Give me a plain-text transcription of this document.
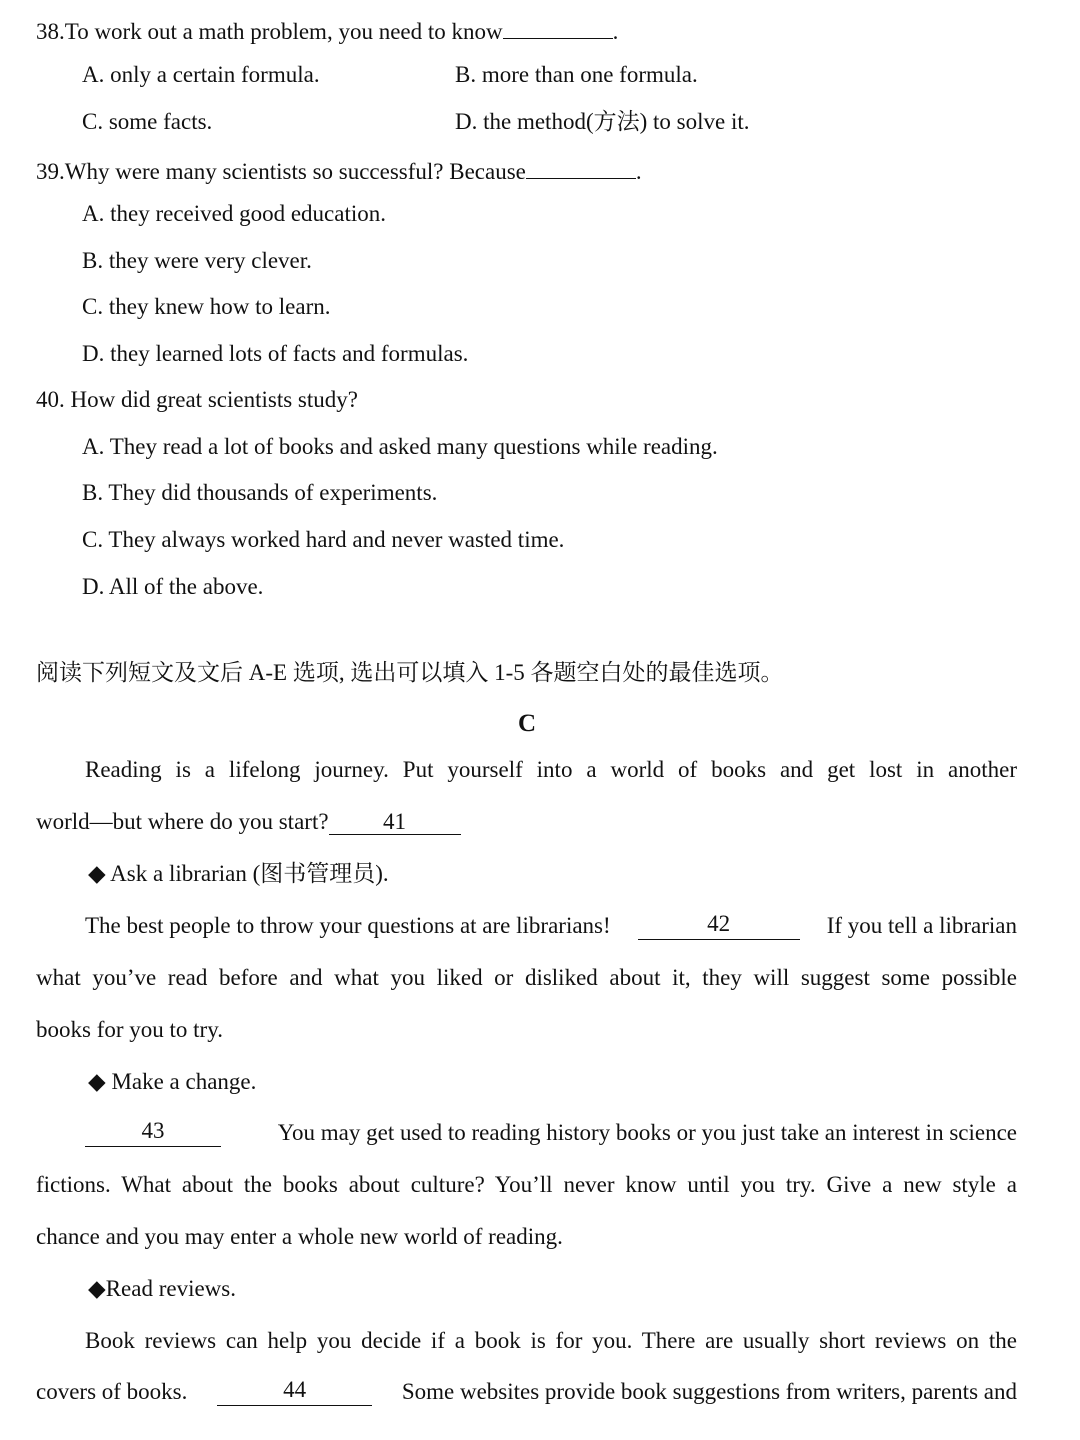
38.To work out a math problem, you need to know	.
A. only a certain formula.	B. more than one formula.
C. some facts.	D. the method(方法) to solve it.
39.Why were many scientists so successful? Because	.
A. they received good education.
B. they were very clever.
C. they knew how to learn.
D. they learned lots of facts and formulas.
40. How did great scientists study?
A. They read a lot of books and asked many questions while reading.
B. They did thousands of experiments.
C. They always worked hard and never wasted time.
D. All of the above.
阅读下列短文及文后 A-E 选项, 选出可以填入 1-5 各题空白处的最佳选项。
C
Reading is a lifelong journey. Put yourself into a world of books and get lost in another
world—but where do you start? 41
◆ Ask a librarian (图书管理员).
The best people to throw your questions at are librarians!	42	If you tell a librarian
what you’ve read before and what you liked or disliked about it, they will suggest some possible
books for you to try.
◆ Make a change.
43	You may get used to reading history books or you just take an interest in science
fictions. What about the books about culture? You’ll never know until you try. Give a new style a
chance and you may enter a whole new world of reading.
◆Read reviews.
Book reviews can help you decide if a book is for you. There are usually short reviews on the
covers of books.	44	Some websites provide book suggestions from writers, parents and
